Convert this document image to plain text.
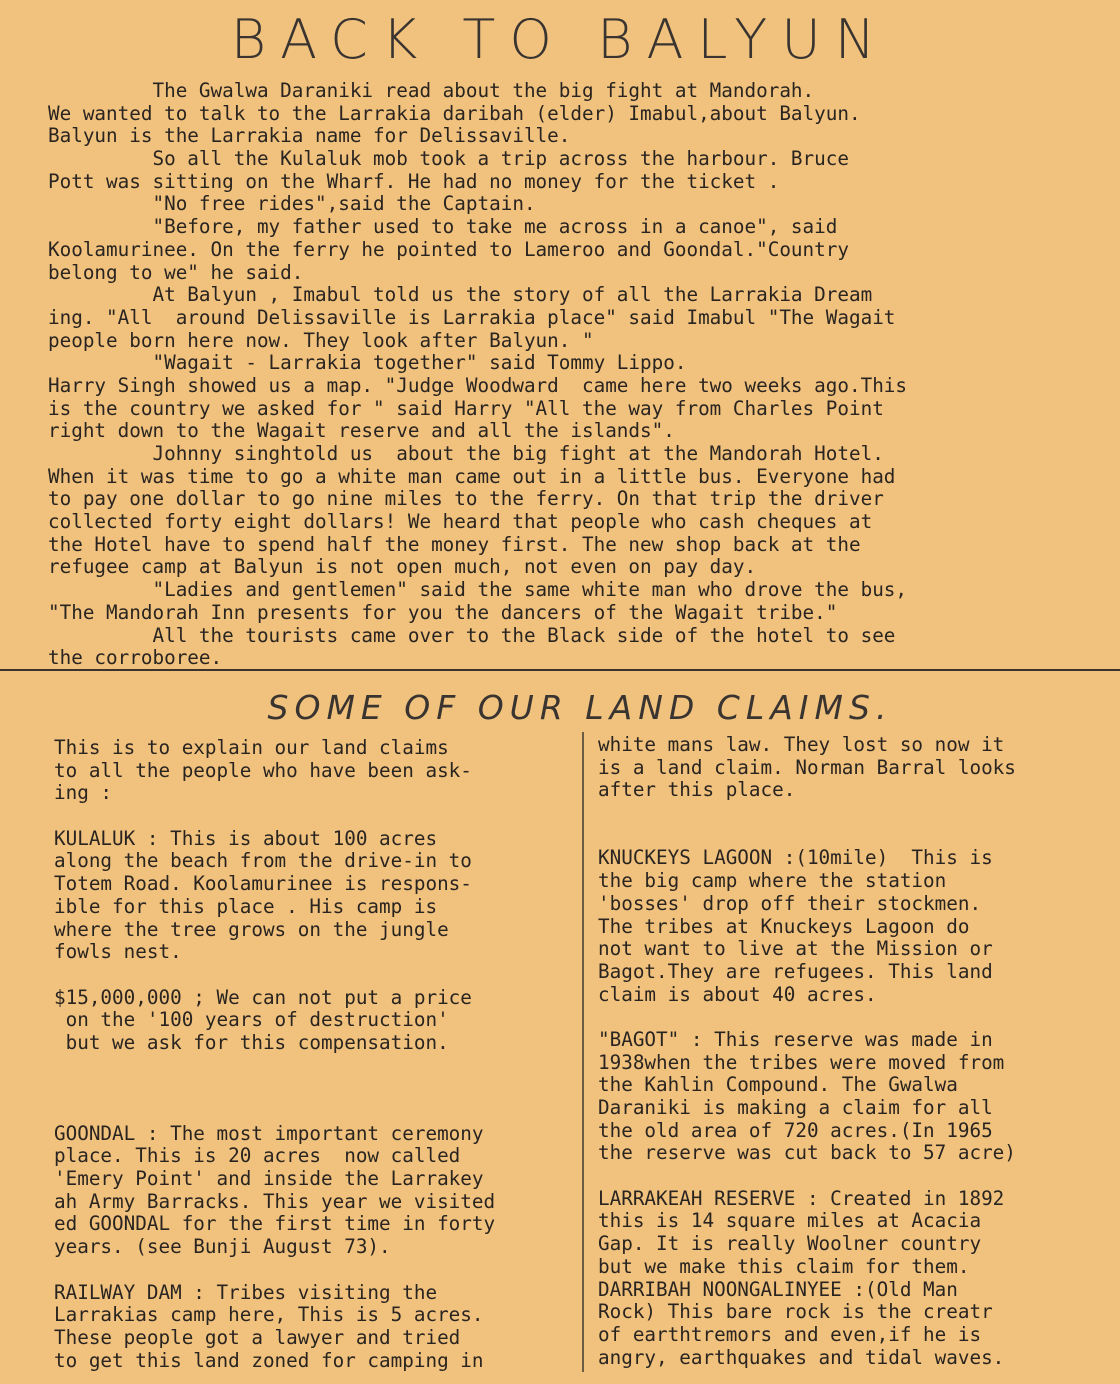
BACK TO BALYUN
The Gwalwa Daraniki read about the big fight at Mandorah.
We wanted to talk to the Larrakia daribah (elder) Imabul,about Balyun.
Balyun is the Larrakia name for Delissaville.
So all the Kulaluk mob took a trip across the harbour. Bruce
Pott was sitting on the Wharf. He had no money for the ticket .
"No free rides",said the Captain.
"Before, my father used to take me across in a canoe", said
Koolamurinee. On the ferry he pointed to Lameroo and Goondal."Country
belong to we" he said.
At Balyun , Imabul told us the story of all the Larrakia Dream
ing. "All  around Delissaville is Larrakia place" said Imabul "The Wagait
people born here now. They look after Balyun. "
"Wagait - Larrakia together" said Tommy Lippo.
Harry Singh showed us a map. "Judge Woodward  came here two weeks ago.This
is the country we asked for " said Harry "All the way from Charles Point
right down to the Wagait reserve and all the islands".
Johnny singhtold us  about the big fight at the Mandorah Hotel.
When it was time to go a white man came out in a little bus. Everyone had
to pay one dollar to go nine miles to the ferry. On that trip the driver
collected forty eight dollars! We heard that people who cash cheques at
the Hotel have to spend half the money first. The new shop back at the
refugee camp at Balyun is not open much, not even on pay day.
"Ladies and gentlemen" said the same white man who drove the bus,
"The Mandorah Inn presents for you the dancers of the Wagait tribe."
All the tourists came over to the Black side of the hotel to see
the corroboree.
SOME OF OUR LAND CLAIMS.
This is to explain our land claims
to all the people who have been ask-
ing :
KULALUK : This is about 100 acres
along the beach from the drive-in to
Totem Road. Koolamurinee is respons-
ible for this place . His camp is
where the tree grows on the jungle
fowls nest.
$15,000,000 ; We can not put a price
on the '100 years of destruction'
but we ask for this compensation.
GOONDAL : The most important ceremony
place. This is 20 acres  now called
'Emery Point' and inside the Larrakey
ah Army Barracks. This year we visited
ed GOONDAL for the first time in forty
years. (see Bunji August 73).
RAILWAY DAM : Tribes visiting the
Larrakias camp here, This is 5 acres.
These people got a lawyer and tried
to get this land zoned for camping in
white mans law. They lost so now it
is a land claim. Norman Barral looks
after this place.
KNUCKEYS LAGOON :(10mile)  This is
the big camp where the station
'bosses' drop off their stockmen.
The tribes at Knuckeys Lagoon do
not want to live at the Mission or
Bagot.They are refugees. This land
claim is about 40 acres.
"BAGOT" : This reserve was made in
1938when the tribes were moved from
the Kahlin Compound. The Gwalwa
Daraniki is making a claim for all
the old area of 720 acres.(In 1965
the reserve was cut back to 57 acre)
LARRAKEAH RESERVE : Created in 1892
this is 14 square miles at Acacia
Gap. It is really Woolner country
but we make this claim for them.
DARRIBAH NOONGALINYEE :(Old Man
Rock) This bare rock is the creatr
of earthtremors and even,if he is
angry, earthquakes and tidal waves.
